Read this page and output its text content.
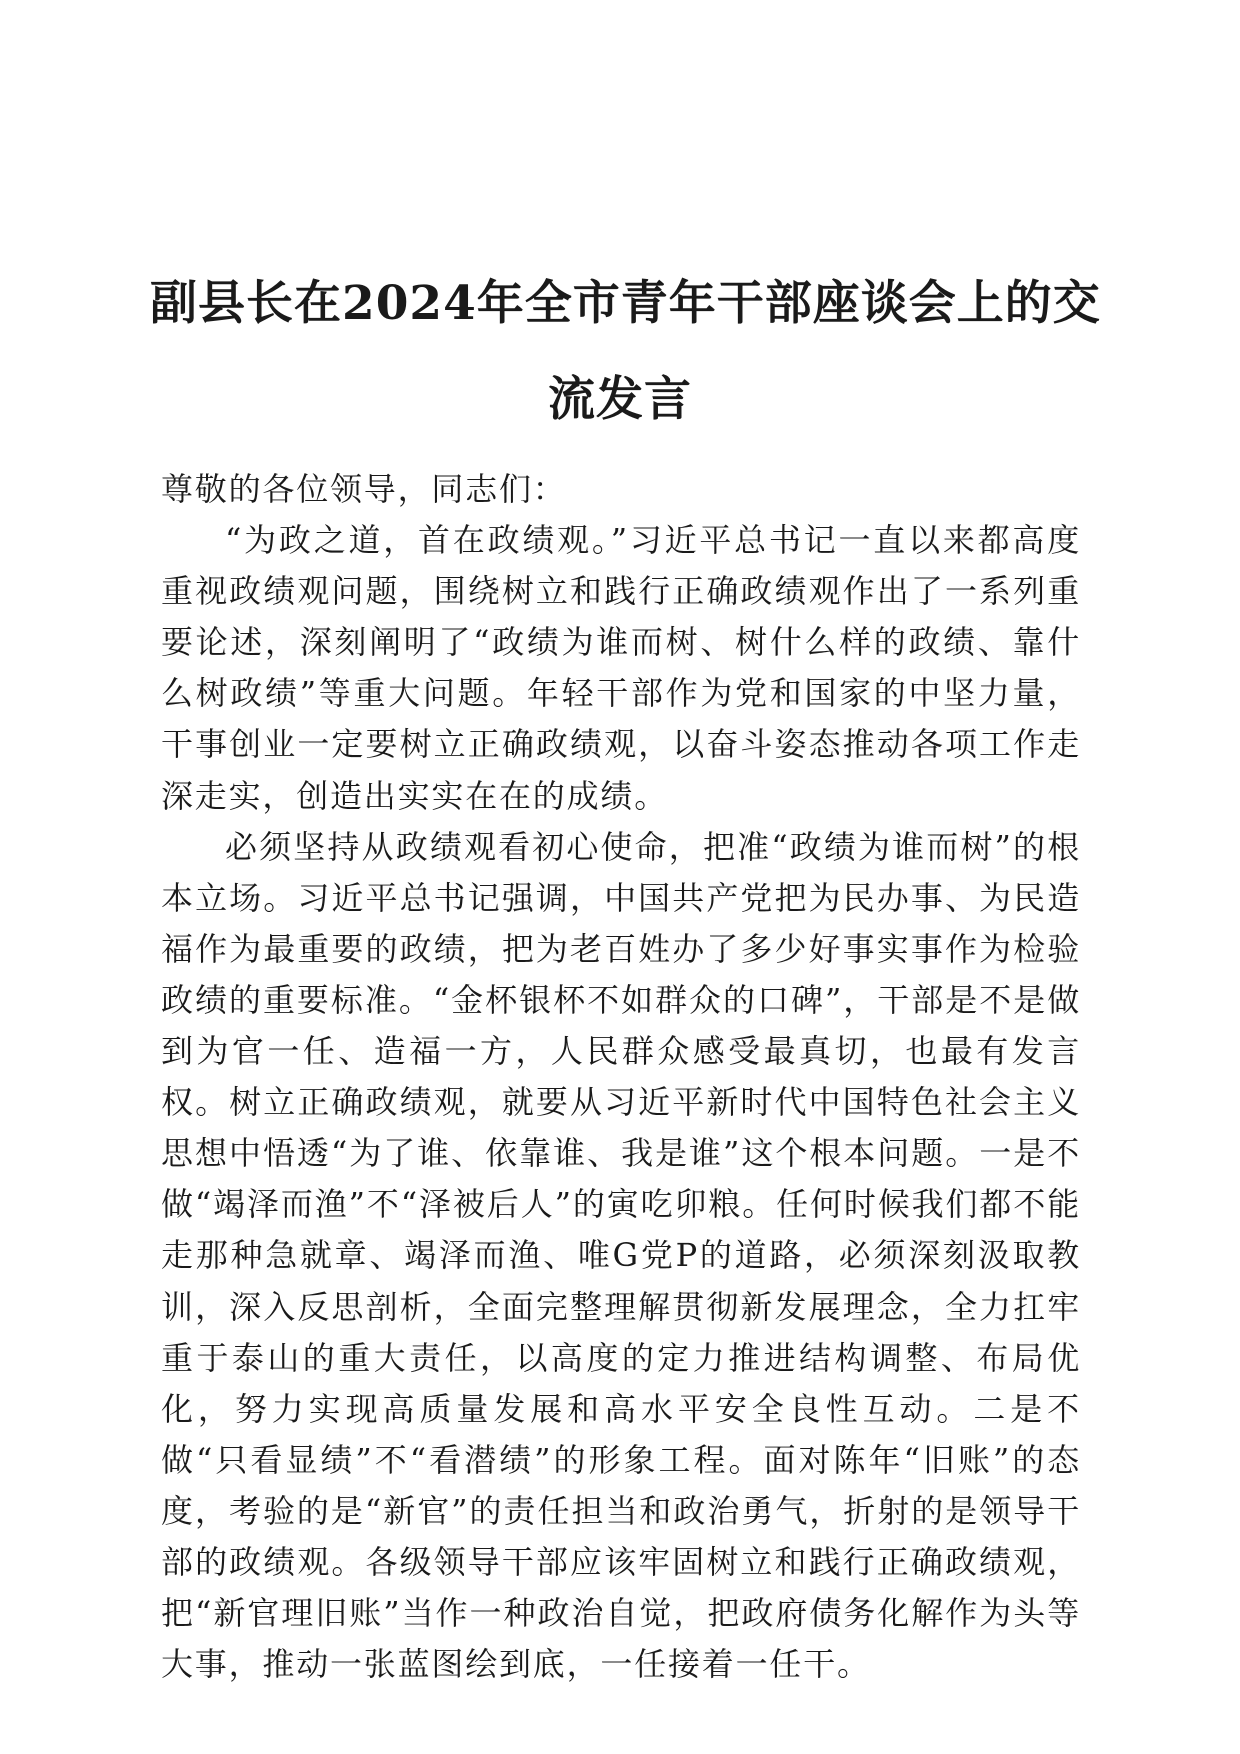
副县长在2024年全市青年干部座谈会上的交
流发言

尊敬的各位领导，同志们：

“为政之道，首在政绩观。”习近平总书记一直以来都高度重视政绩观问题，围绕树立和践行正确政绩观作出了一系列重要论述，深刻阐明了“政绩为谁而树、树什么样的政绩、靠什么树政绩”等重大问题。年轻干部作为党和国家的中坚力量，干事创业一定要树立正确政绩观，以奋斗姿态推动各项工作走深走实，创造出实实在在的成绩。

必须坚持从政绩观看初心使命，把准“政绩为谁而树”的根本立场。习近平总书记强调，中国共产党把为民办事、为民造福作为最重要的政绩，把为老百姓办了多少好事实事作为检验政绩的重要标准。“金杯银杯不如群众的口碑”，干部是不是做到为官一任、造福一方，人民群众感受最真切，也最有发言权。树立正确政绩观，就要从习近平新时代中国特色社会主义思想中悟透“为了谁、依靠谁、我是谁”这个根本问题。一是不做“竭泽而渔”不“泽被后人”的寅吃卯粮。任何时候我们都不能走那种急就章、竭泽而渔、唯G党P的道路，必须深刻汲取教训，深入反思剖析，全面完整理解贯彻新发展理念，全力扛牢重于泰山的重大责任，以高度的定力推进结构调整、布局优化，努力实现高质量发展和高水平安全良性互动。二是不做“只看显绩”不“看潜绩”的形象工程。面对陈年“旧账”的态度，考验的是“新官”的责任担当和政治勇气，折射的是领导干部的政绩观。各级领导干部应该牢固树立和践行正确政绩观，把“新官理旧账”当作一种政治自觉，把政府债务化解作为头等大事，推动一张蓝图绘到底，一任接着一任干。
